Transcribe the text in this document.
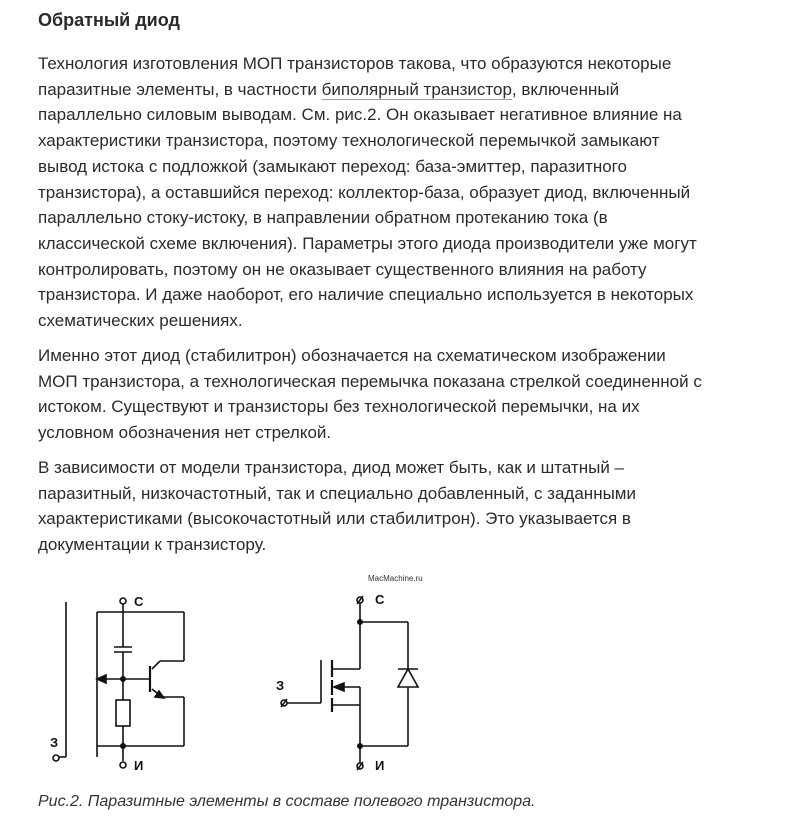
Обратный диод

Технология изготовления МОП транзисторов такова, что образуются некоторые
паразитные элементы, в частности биполярный транзистор, включенный
параллельно силовым выводам. См. рис.2. Он оказывает негативное влияние на
характеристики транзистора, поэтому технологической перемычкой замыкают
вывод истока с подложкой (замыкают переход: база-эмиттер, паразитного
транзистора), а оставшийся переход: коллектор-база, образует диод, включенный
параллельно стоку-истоку, в направлении обратном протеканию тока (в
классической схеме включения). Параметры этого диода производители уже могут
контролировать, поэтому он не оказывает существенного влияния на работу
транзистора. И даже наоборот, его наличие специально используется в некоторых
схематических решениях.

Именно этот диод (стабилитрон) обозначается на схематическом изображении
МОП транзистора, а технологическая перемычка показана стрелкой соединенной с
истоком. Существуют и транзисторы без технологической перемычки, на их
условном обозначения нет стрелкой.

В зависимости от модели транзистора, диод может быть, как и штатный –
паразитный, низкочастотный, так и специально добавленный, с заданными
характеристиками (высокочастотный или стабилитрон). Это указывается в
документации к транзистору.

MacMachine.ru
С
З
И
С
З
И
Рис.2. Паразитные элементы в составе полевого транзистора.
